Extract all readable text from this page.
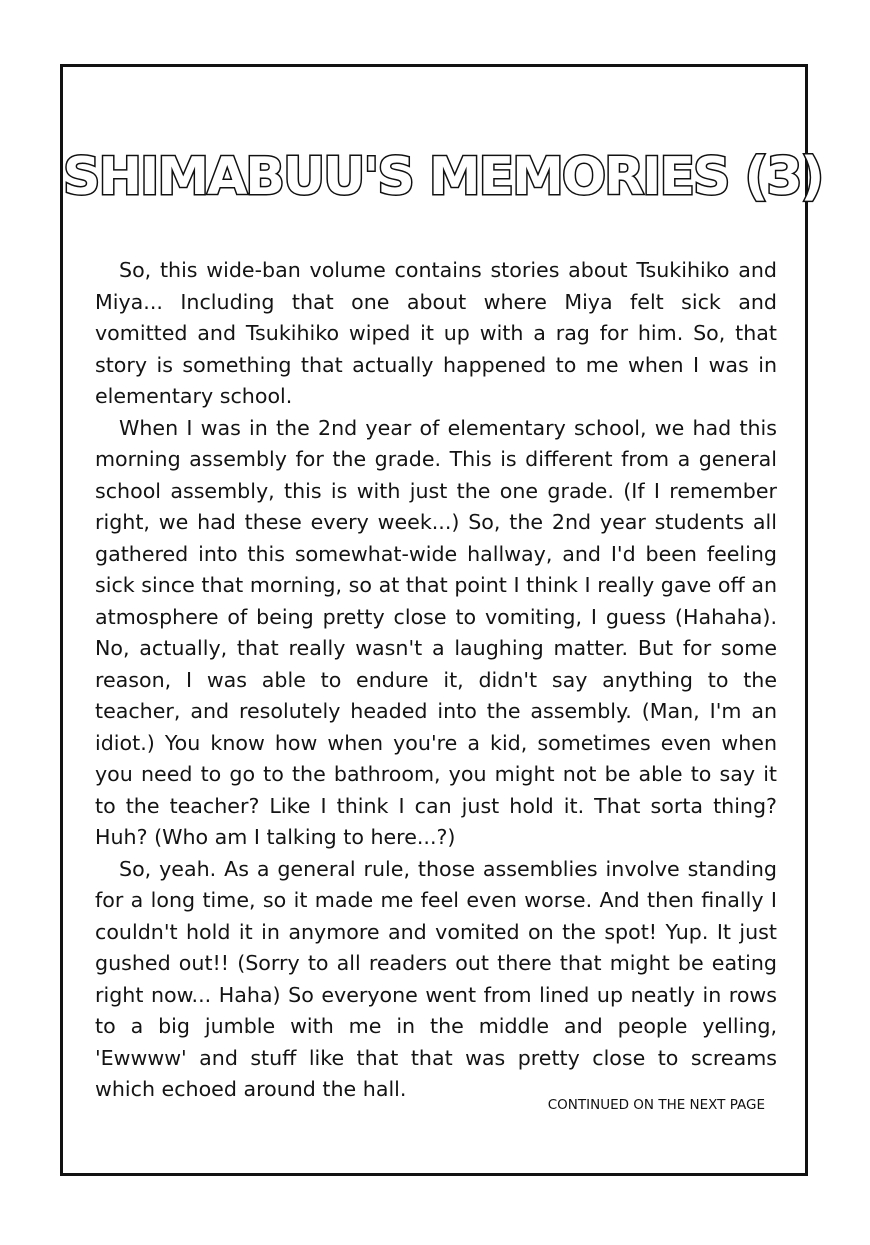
SHIMABUU'S MEMORIES (3)

So, this wide-ban volume contains stories about Tsukihiko and Miya... Including that one about where Miya felt sick and vomitted and Tsukihiko wiped it up with a rag for him. So, that story is something that actually happened to me when I was in elementary school.

When I was in the 2nd year of elementary school, we had this morning assembly for the grade. This is different from a general school assembly, this is with just the one grade. (If I remember right, we had these every week...) So, the 2nd year students all gathered into this somewhat-wide hallway, and I'd been feeling sick since that morning, so at that point I think I really gave off an atmosphere of being pretty close to vomiting, I guess (Hahaha). No, actually, that really wasn't a laughing matter. But for some reason, I was able to endure it, didn't say anything to the teacher, and resolutely headed into the assembly. (Man, I'm an idiot.) You know how when you're a kid, sometimes even when you need to go to the bathroom, you might not be able to say it to the teacher? Like I think I can just hold it. That sorta thing? Huh? (Who am I talking to here...?)

So, yeah. As a general rule, those assemblies involve standing for a long time, so it made me feel even worse. And then finally I couldn't hold it in anymore and vomited on the spot! Yup. It just gushed out!! (Sorry to all readers out there that might be eating right now... Haha) So everyone went from lined up neatly in rows to a big jumble with me in the middle and people yelling, 'Ewwww' and stuff like that that was pretty close to screams which echoed around the hall.

CONTINUED ON THE NEXT PAGE
